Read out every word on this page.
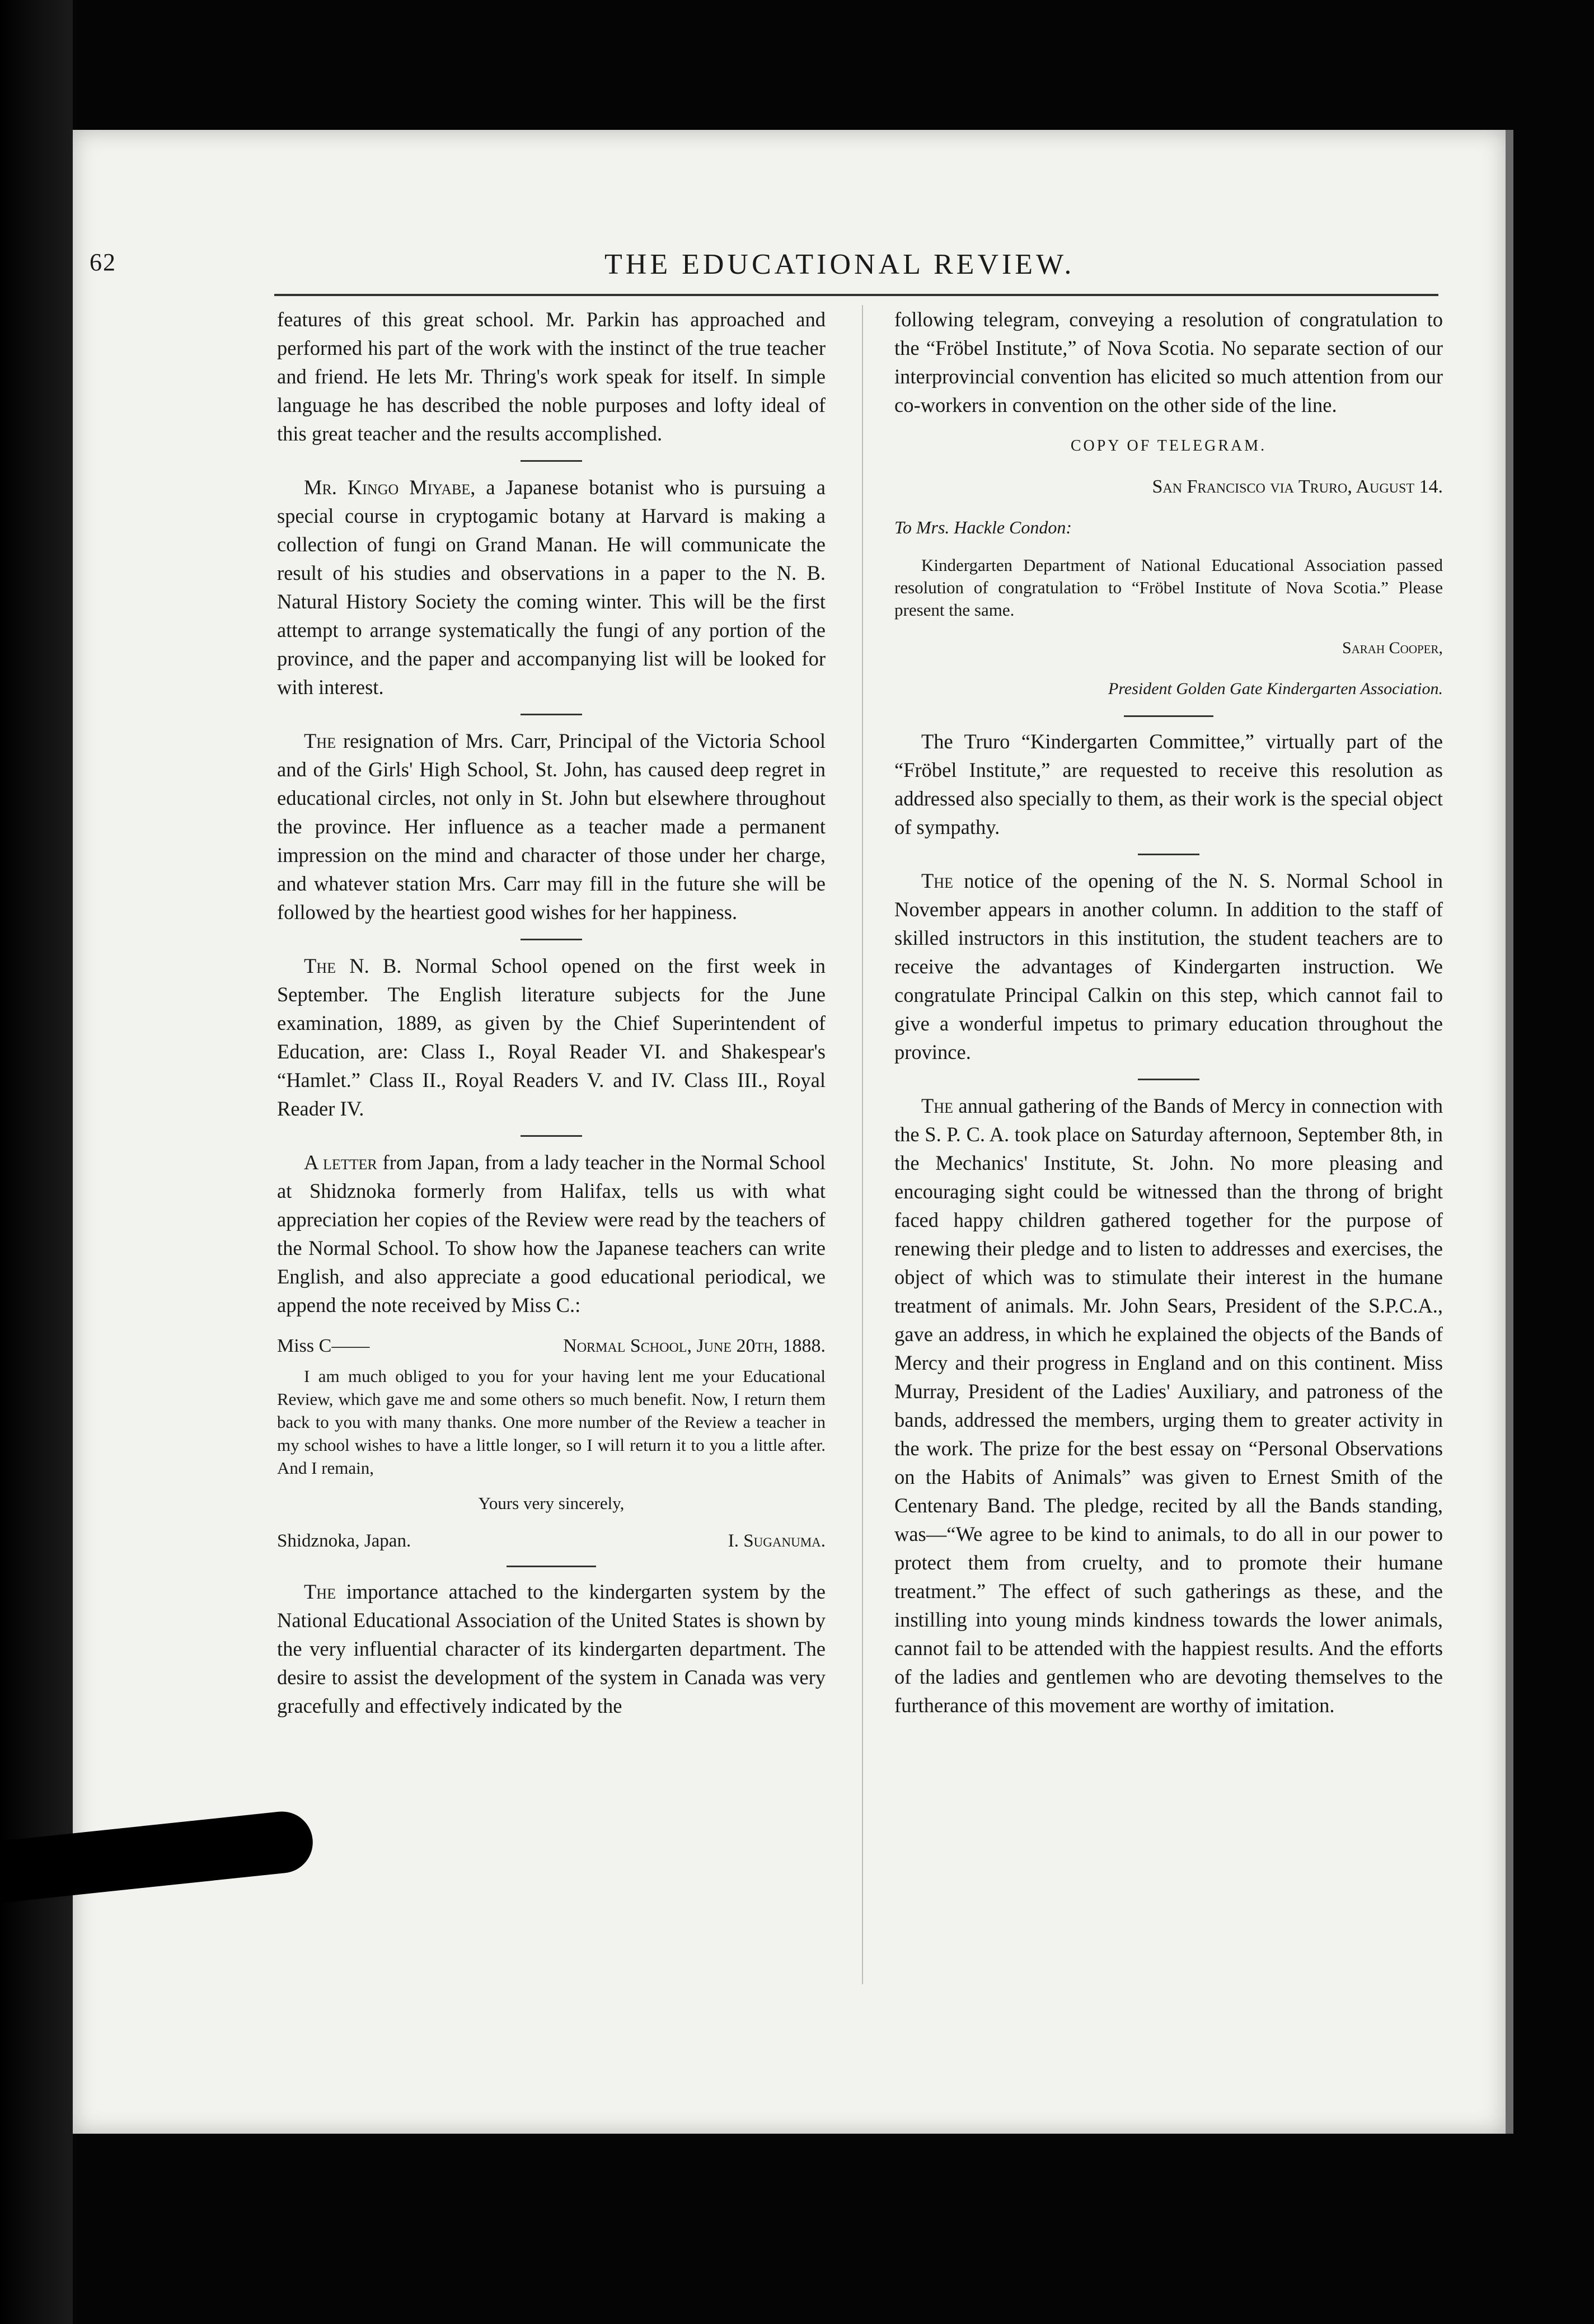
62	THE EDUCATIONAL REVIEW.

features of this great school. Mr. Parkin has approached and performed his part of the work with the instinct of the true teacher and friend. He lets Mr. Thring's work speak for itself. In simple language he has described the noble purposes and lofty ideal of this great teacher and the results accomplished.

Mr. Kingo Miyabe, a Japanese botanist who is pursuing a special course in cryptogamic botany at Harvard is making a collection of fungi on Grand Manan. He will communicate the result of his studies and observations in a paper to the N. B. Natural History Society the coming winter. This will be the first attempt to arrange systematically the fungi of any portion of the province, and the paper and accompanying list will be looked for with interest.

The resignation of Mrs. Carr, Principal of the Victoria School and of the Girls' High School, St. John, has caused deep regret in educational circles, not only in St. John but elsewhere throughout the province. Her influence as a teacher made a permanent impression on the mind and character of those under her charge, and whatever station Mrs. Carr may fill in the future she will be followed by the heartiest good wishes for her happiness.

The N. B. Normal School opened on the first week in September. The English literature subjects for the June examination, 1889, as given by the Chief Superintendent of Education, are: Class I., Royal Reader VI. and Shakespear's “Hamlet.” Class II., Royal Readers V. and IV. Class III., Royal Reader IV.

A letter from Japan, from a lady teacher in the Normal School at Shidznoka formerly from Halifax, tells us with what appreciation her copies of the Review were read by the teachers of the Normal School. To show how the Japanese teachers can write English, and also appreciate a good educational periodical, we append the note received by Miss C.:

Miss C——	Normal School, June 20th, 1888.

I am much obliged to you for your having lent me your Educational Review, which gave me and some others so much benefit. Now, I return them back to you with many thanks. One more number of the Review a teacher in my school wishes to have a little longer, so I will return it to you a little after. And I remain,

Yours very sincerely,

Shidznoka, Japan.	I. Suganuma.

The importance attached to the kindergarten system by the National Educational Association of the United States is shown by the very influential character of its kindergarten department. The desire to assist the development of the system in Canada was very gracefully and effectively indicated by the

following telegram, conveying a resolution of congratulation to the “Fröbel Institute,” of Nova Scotia. No separate section of our interprovincial convention has elicited so much attention from our co-workers in convention on the other side of the line.

COPY OF TELEGRAM.

San Francisco via Truro, August 14.

To Mrs. Hackle Condon:

Kindergarten Department of National Educational Association passed resolution of congratulation to “Fröbel Institute of Nova Scotia.” Please present the same.

Sarah Cooper,

President Golden Gate Kindergarten Association.

The Truro “Kindergarten Committee,” virtually part of the “Fröbel Institute,” are requested to receive this resolution as addressed also specially to them, as their work is the special object of sympathy.

The notice of the opening of the N. S. Normal School in November appears in another column. In addition to the staff of skilled instructors in this institution, the student teachers are to receive the advantages of Kindergarten instruction. We congratulate Principal Calkin on this step, which cannot fail to give a wonderful impetus to primary education throughout the province.

The annual gathering of the Bands of Mercy in connection with the S. P. C. A. took place on Saturday afternoon, September 8th, in the Mechanics' Institute, St. John. No more pleasing and encouraging sight could be witnessed than the throng of bright faced happy children gathered together for the purpose of renewing their pledge and to listen to addresses and exercises, the object of which was to stimulate their interest in the humane treatment of animals. Mr. John Sears, President of the S.P.C.A., gave an address, in which he explained the objects of the Bands of Mercy and their progress in England and on this continent. Miss Murray, President of the Ladies' Auxiliary, and patroness of the bands, addressed the members, urging them to greater activity in the work. The prize for the best essay on “Personal Observations on the Habits of Animals” was given to Ernest Smith of the Centenary Band. The pledge, recited by all the Bands standing, was—“We agree to be kind to animals, to do all in our power to protect them from cruelty, and to promote their humane treatment.” The effect of such gatherings as these, and the instilling into young minds kindness towards the lower animals, cannot fail to be attended with the happiest results. And the efforts of the ladies and gentlemen who are devoting themselves to the furtherance of this movement are worthy of imitation.
